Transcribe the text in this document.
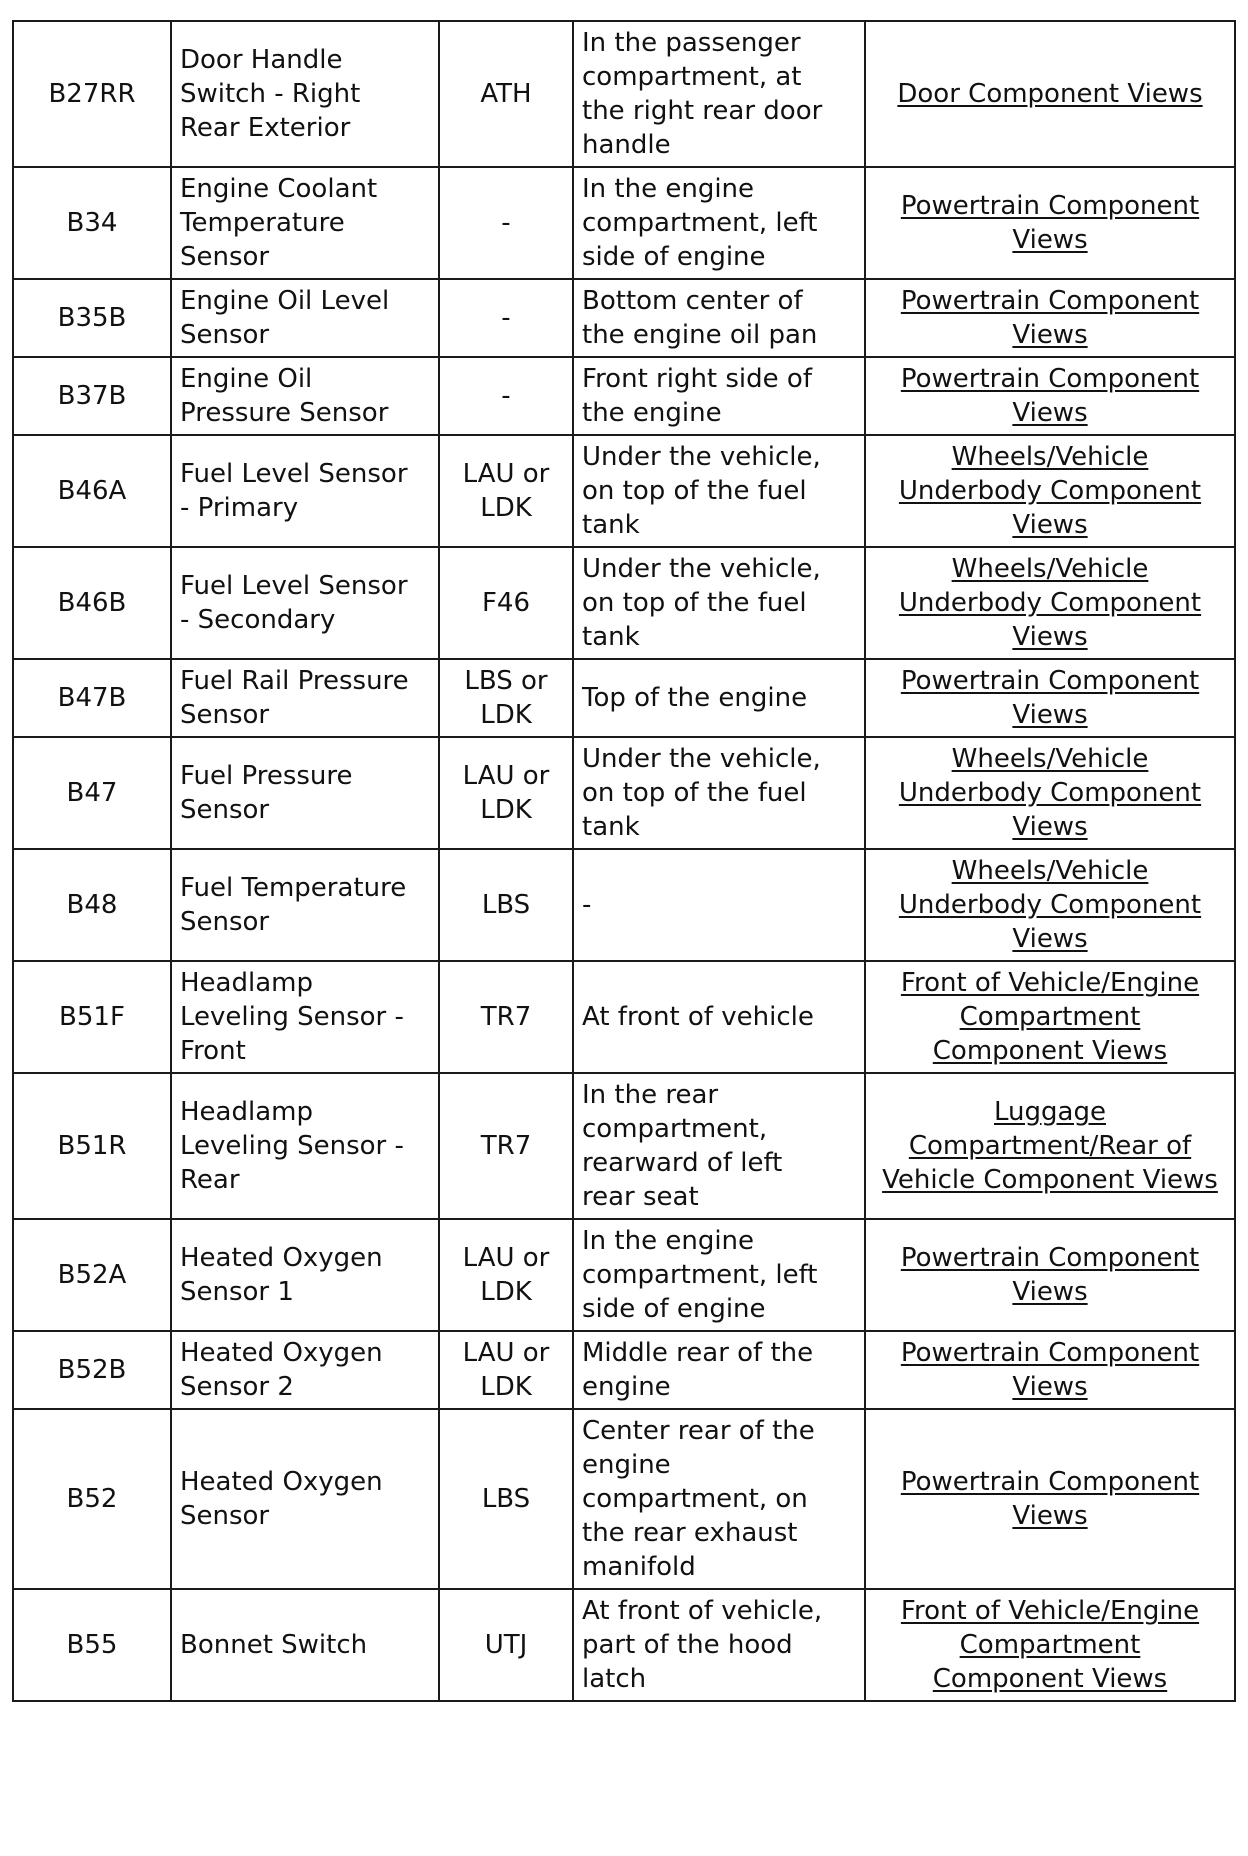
B27RR	Door Handle
Switch - Right
Rear Exterior	ATH	In the passenger
compartment, at
the right rear door
handle	Door Component Views
B34	Engine Coolant
Temperature
Sensor	-	In the engine
compartment, left
side of engine	Powertrain Component
Views
B35B	Engine Oil Level
Sensor	-	Bottom center of
the engine oil pan	Powertrain Component
Views
B37B	Engine Oil
Pressure Sensor	-	Front right side of
the engine	Powertrain Component
Views
B46A	Fuel Level Sensor
- Primary	LAU or
LDK	Under the vehicle,
on top of the fuel
tank	Wheels/Vehicle
Underbody Component
Views
B46B	Fuel Level Sensor
- Secondary	F46	Under the vehicle,
on top of the fuel
tank	Wheels/Vehicle
Underbody Component
Views
B47B	Fuel Rail Pressure
Sensor	LBS or
LDK	Top of the engine	Powertrain Component
Views
B47	Fuel Pressure
Sensor	LAU or
LDK	Under the vehicle,
on top of the fuel
tank	Wheels/Vehicle
Underbody Component
Views
B48	Fuel Temperature
Sensor	LBS	-	Wheels/Vehicle
Underbody Component
Views
B51F	Headlamp
Leveling Sensor -
Front	TR7	At front of vehicle	Front of Vehicle/Engine
Compartment
Component Views
B51R	Headlamp
Leveling Sensor -
Rear	TR7	In the rear
compartment,
rearward of left
rear seat	Luggage
Compartment/Rear of
Vehicle Component Views
B52A	Heated Oxygen
Sensor 1	LAU or
LDK	In the engine
compartment, left
side of engine	Powertrain Component
Views
B52B	Heated Oxygen
Sensor 2	LAU or
LDK	Middle rear of the
engine	Powertrain Component
Views
B52	Heated Oxygen
Sensor	LBS	Center rear of the
engine
compartment, on
the rear exhaust
manifold	Powertrain Component
Views
B55	Bonnet Switch	UTJ	At front of vehicle,
part of the hood
latch	Front of Vehicle/Engine
Compartment
Component Views
